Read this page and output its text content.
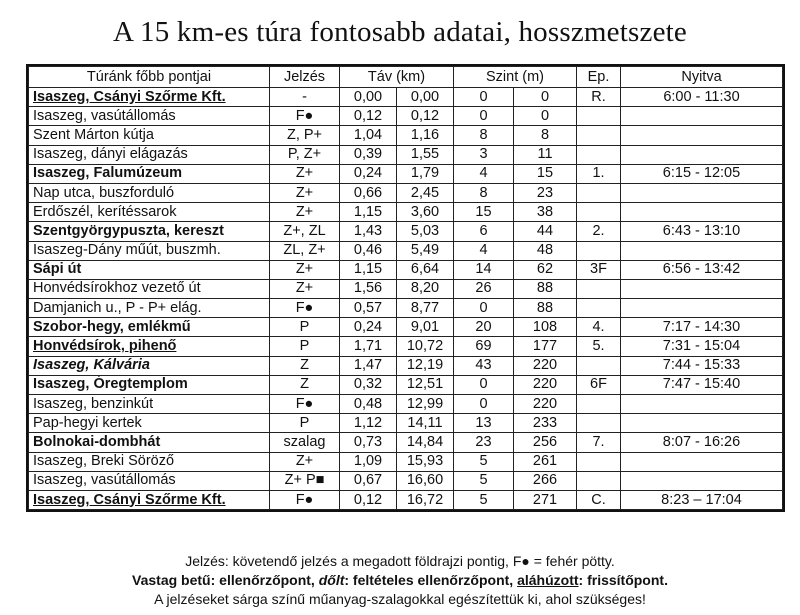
A 15 km-es túra fontosabb adatai, hosszmetszete
Túránk főbb pontjai	Jelzés	Táv (km)		Szint (m)		Ep.	Nyitva
Isaszeg, Csányi Szőrme Kft.	-	0,00	0,00	0	0	R.	6:00 - 11:30
Isaszeg, vasútállomás	F●	0,12	0,12	0	0		
Szent Márton kútja	Z, P+	1,04	1,16	8	8		
Isaszeg, dányi elágazás	P, Z+	0,39	1,55	3	11		
Isaszeg, Falumúzeum	Z+	0,24	1,79	4	15	1.	6:15 - 12:05
Nap utca, buszforduló	Z+	0,66	2,45	8	23		
Erdőszél, kerítéssarok	Z+	1,15	3,60	15	38		
Szentgyörgypuszta, kereszt	Z+, ZL	1,43	5,03	6	44	2.	6:43 - 13:10
Isaszeg-Dány műút, buszmh.	ZL, Z+	0,46	5,49	4	48		
Sápi út	Z+	1,15	6,64	14	62	3F	6:56 - 13:42
Honvédsírokhoz vezető út	Z+	1,56	8,20	26	88		
Damjanich u., P - P+ elág.	F●	0,57	8,77	0	88		
Szobor-hegy, emlékmű	P	0,24	9,01	20	108	4.	7:17 - 14:30
Honvédsírok, pihenő	P	1,71	10,72	69	177	5.	7:31 - 15:04
Isaszeg, Kálvária	Z	1,47	12,19	43	220		7:44 - 15:33
Isaszeg, Óregtemplom	Z	0,32	12,51	0	220	6F	7:47 - 15:40
Isaszeg, benzinkút	F●	0,48	12,99	0	220		
Pap-hegyi kertek	P	1,12	14,11	13	233		
Bolnokai-dombhát	szalag	0,73	14,84	23	256	7.	8:07 - 16:26
Isaszeg, Breki Söröző	Z+	1,09	15,93	5	261		
Isaszeg, vasútállomás	Z+ P■	0,67	16,60	5	266		
Isaszeg, Csányi Szőrme Kft.	F●	0,12	16,72	5	271	C.	8:23 – 17:04
Jelzés: követendő jelzés a megadott földrajzi pontig, F● = fehér pötty.
Vastag betű: ellenőrzőpont, dőlt: feltételes ellenőrzőpont, aláhúzott: frissítőpont.
A jelzéseket sárga színű műanyag-szalagokkal egészítettük ki, ahol szükséges!
